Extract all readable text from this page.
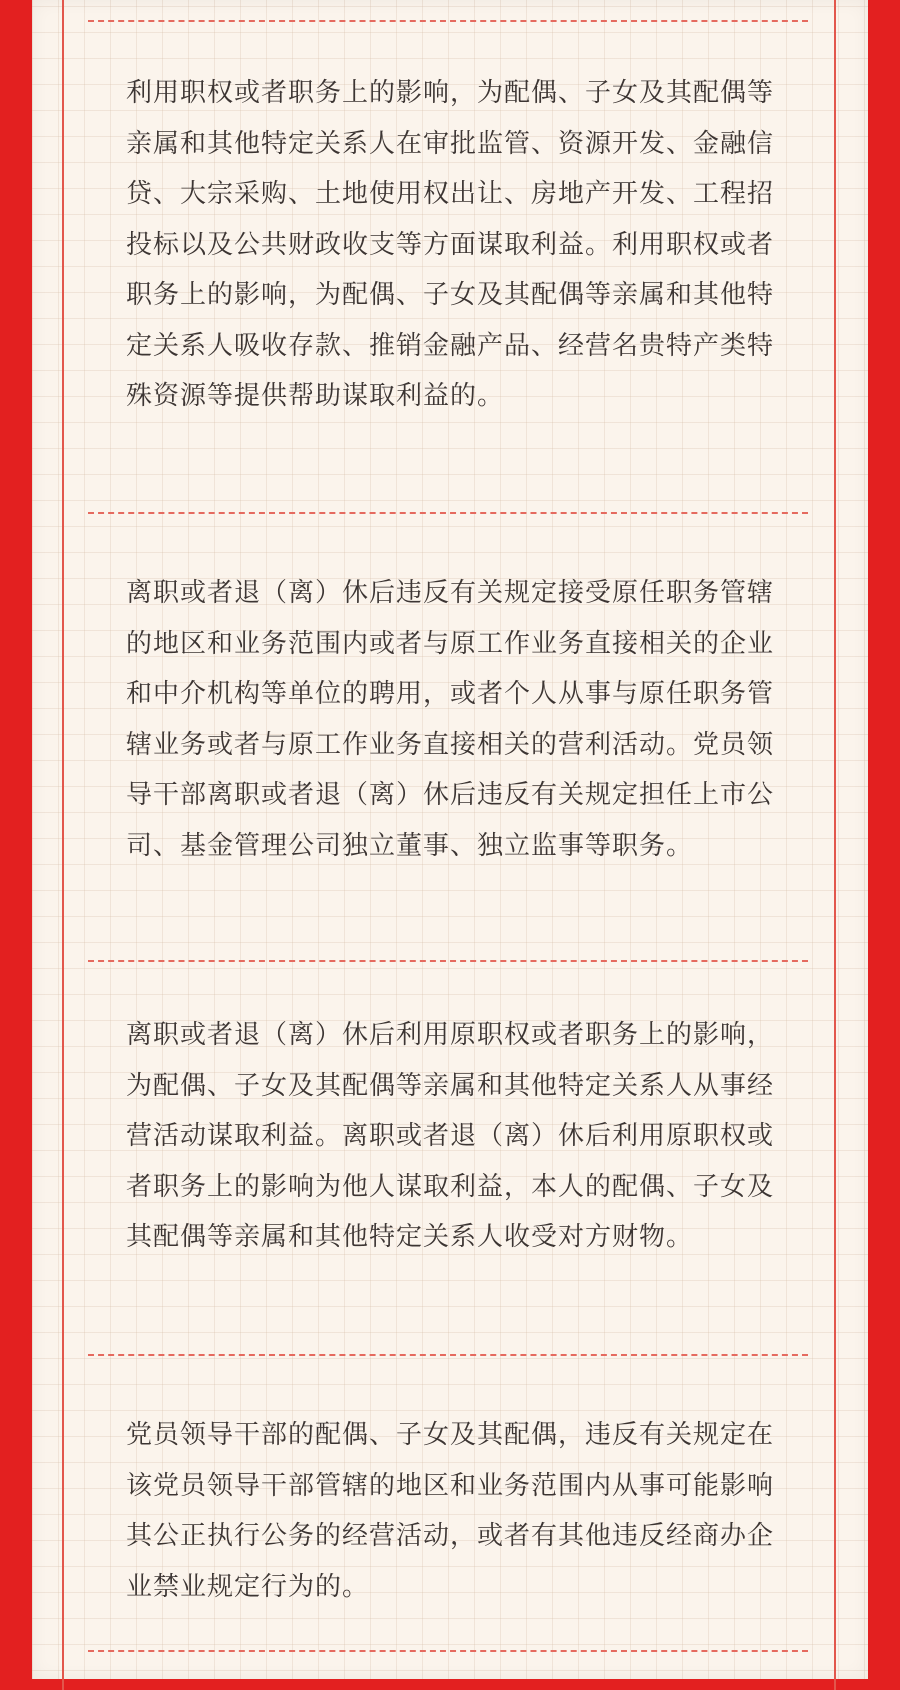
利用职权或者职务上的影响，为配偶、子女及其配偶等亲属和其他特定关系人在审批监管、资源开发、金融信贷、大宗采购、土地使用权出让、房地产开发、工程招投标以及公共财政收支等方面谋取利益。利用职权或者职务上的影响，为配偶、子女及其配偶等亲属和其他特定关系人吸收存款、推销金融产品、经营名贵特产类特殊资源等提供帮助谋取利益的。

离职或者退（离）休后违反有关规定接受原任职务管辖的地区和业务范围内或者与原工作业务直接相关的企业和中介机构等单位的聘用，或者个人从事与原任职务管辖业务或者与原工作业务直接相关的营利活动。党员领导干部离职或者退（离）休后违反有关规定担任上市公司、基金管理公司独立董事、独立监事等职务。

离职或者退（离）休后利用原职权或者职务上的影响，为配偶、子女及其配偶等亲属和其他特定关系人从事经营活动谋取利益。离职或者退（离）休后利用原职权或者职务上的影响为他人谋取利益，本人的配偶、子女及其配偶等亲属和其他特定关系人收受对方财物。

党员领导干部的配偶、子女及其配偶，违反有关规定在该党员领导干部管辖的地区和业务范围内从事可能影响其公正执行公务的经营活动，或者有其他违反经商办企业禁业规定行为的。
